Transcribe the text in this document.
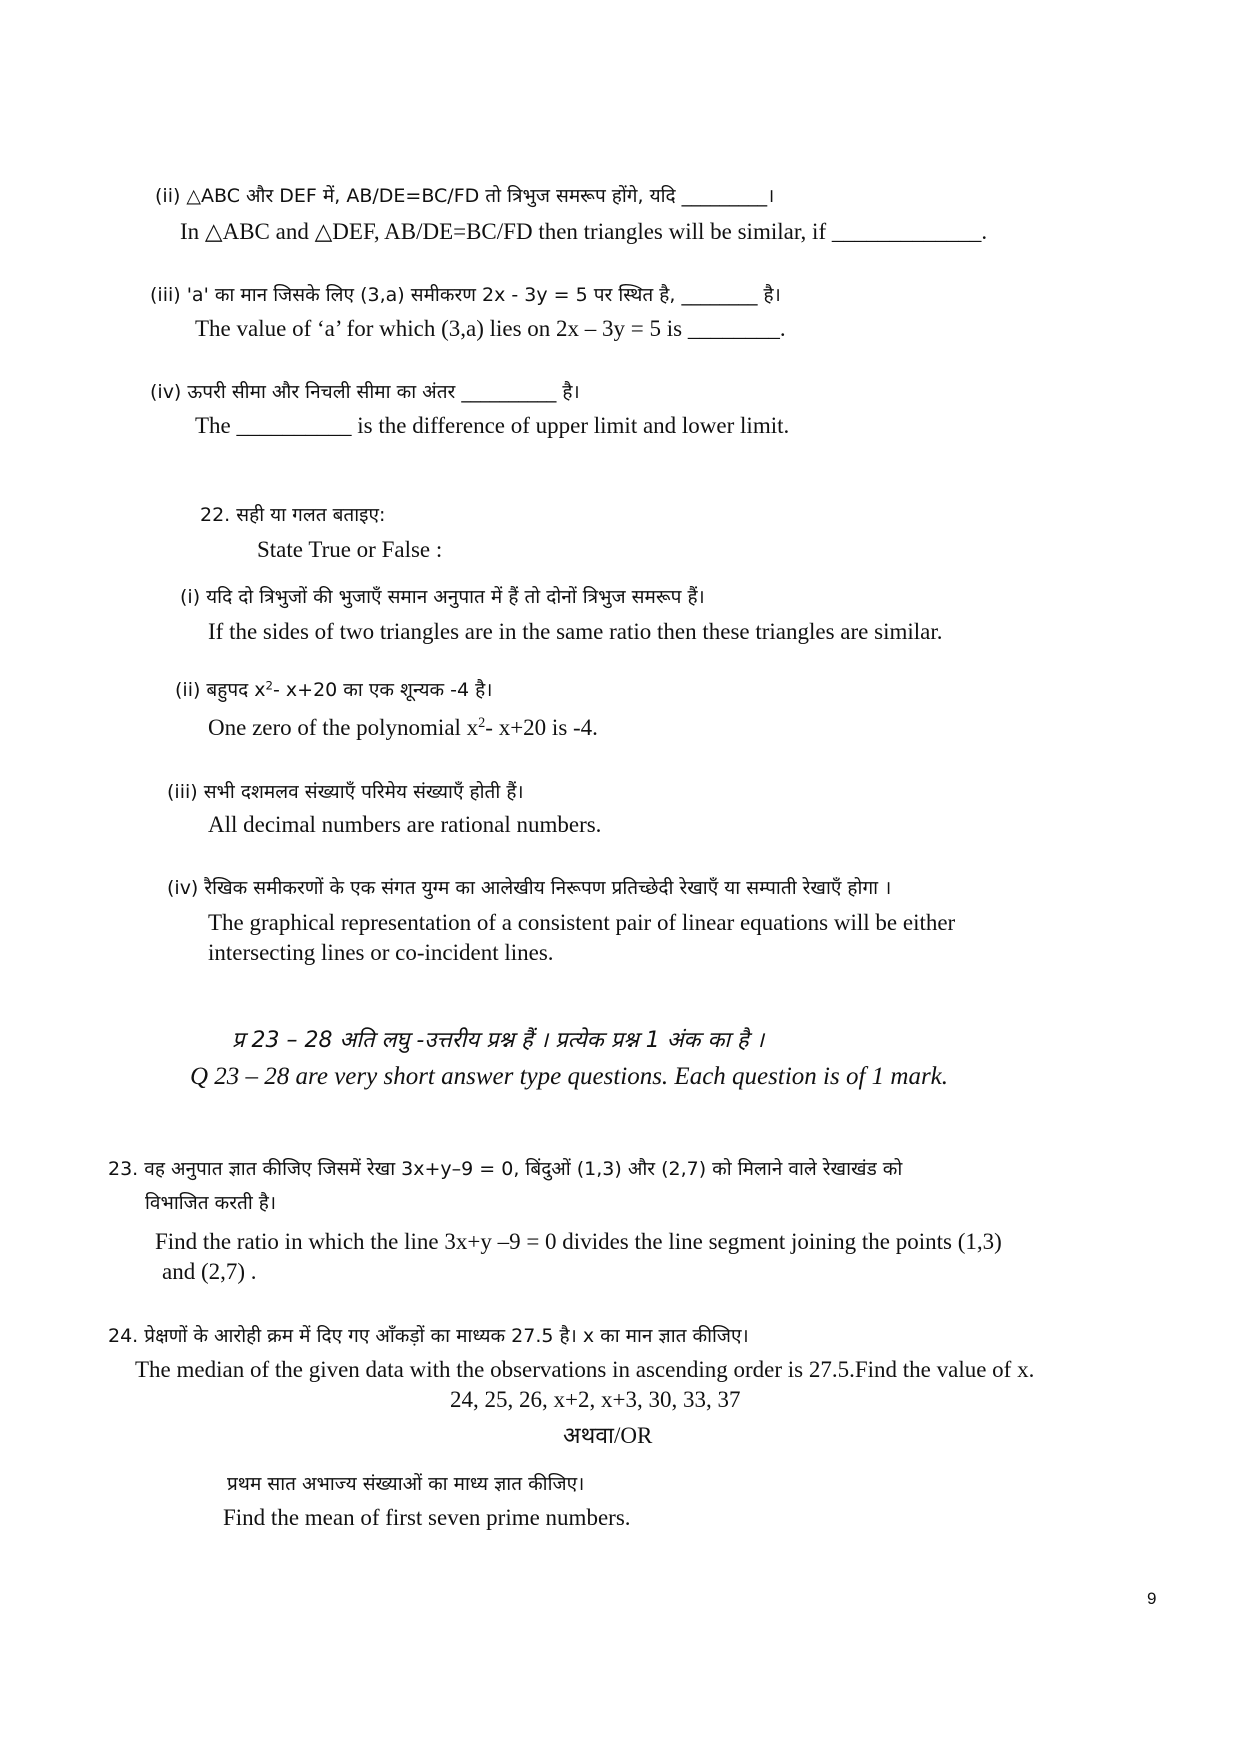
(ii) △ABC और DEF में, AB/DE=BC/FD तो त्रिभुज समरूप होंगे, यदि _________।
In △ABC and △DEF, AB/DE=BC/FD then triangles will be similar, if _____________.
(iii) 'a' का मान जिसके लिए (3,a) समीकरण 2x - 3y = 5 पर स्थित है, ________ है।
The value of ‘a’ for which (3,a) lies on 2x – 3y = 5 is ________.
(iv) ऊपरी सीमा और निचली सीमा का अंतर __________ है।
The __________ is the difference of upper limit and lower limit.
22. सही या गलत बताइए:
State True or False :
(i) यदि दो त्रिभुजों की भुजाएँ समान अनुपात में हैं तो दोनों त्रिभुज समरूप हैं।
If the sides of two triangles are in the same ratio then these triangles are similar.
(ii) बहुपद $x^2-$ x+20 का एक शून्यक -4 है।
One zero of the polynomial $x^2-$ x+20 is -4.
(iii) सभी दशमलव संख्याएँ परिमेय संख्याएँ होती हैं।
All decimal numbers are rational numbers.
(iv) रैखिक समीकरणों के एक संगत युग्म का आलेखीय निरूपण प्रतिच्छेदी रेखाएँ या सम्पाती रेखाएँ होगा ।
The graphical representation of a consistent pair of linear equations will be either
intersecting lines or co-incident lines.
प्र 23 – 28 अति लघु -उत्तरीय प्रश्न हैं । प्रत्येक प्रश्न 1 अंक का है ।
Q 23 – 28 are very short answer type questions. Each question is of 1 mark.
23. वह अनुपात ज्ञात कीजिए जिसमें रेखा 3x+y–9 = 0, बिंदुओं (1,3) और (2,7) को मिलाने वाले रेखाखंड को
विभाजित करती है।
Find the ratio in which the line 3x+y –9 = 0 divides the line segment joining the points (1,3)
and (2,7) .
24. प्रेक्षणों के आरोही क्रम में दिए गए आँकड़ों का माध्यक 27.5 है। x का मान ज्ञात कीजिए।
The median of the given data with the observations in ascending order is 27.5.Find the value of x.
24, 25, 26, x+2, x+3, 30, 33, 37
अथवा/OR
प्रथम सात अभाज्य संख्याओं का माध्य ज्ञात कीजिए।
Find the mean of first seven prime numbers.
9
